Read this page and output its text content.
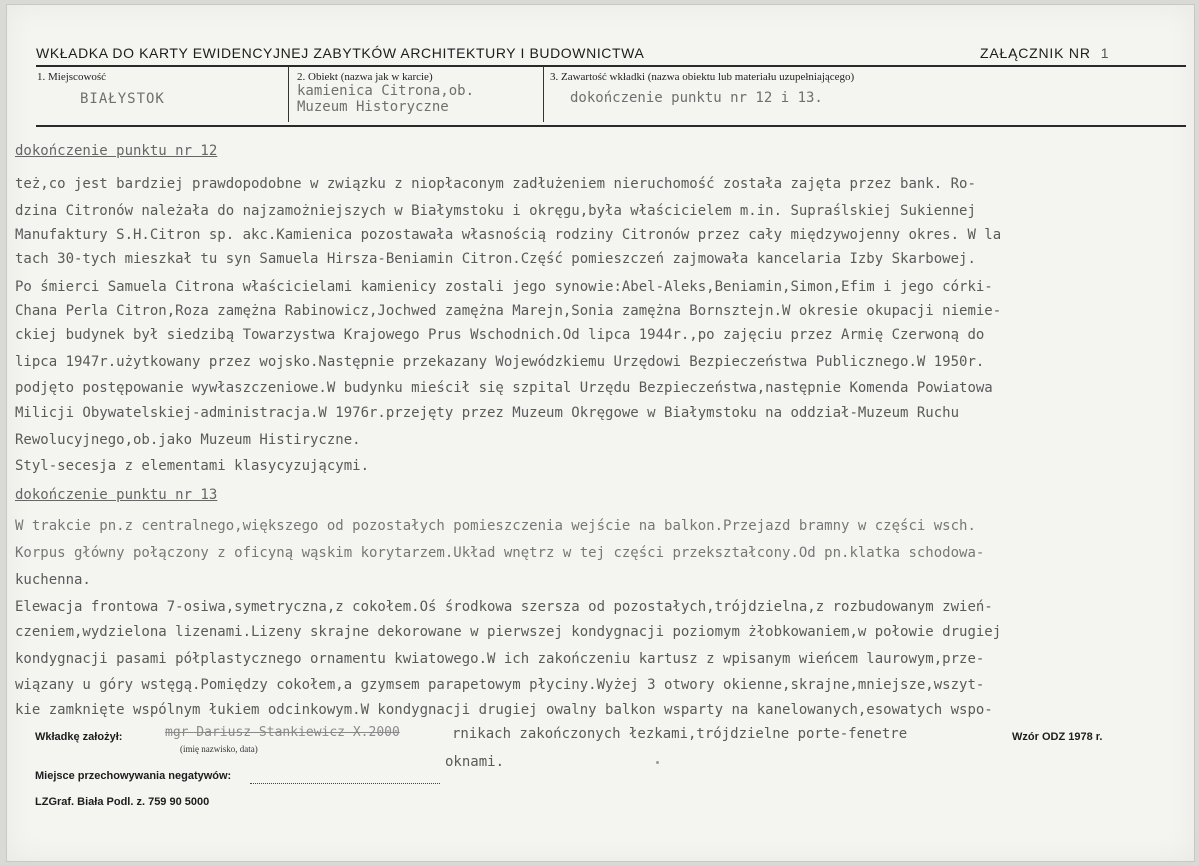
WKŁADKA DO KARTY EWIDENCYJNEJ ZABYTKÓW ARCHITEKTURY I BUDOWNICTWA	ZAŁĄCZNIK NR 1
1. Miejscowość
BIAŁYSTOK
2. Obiekt (nazwa jak w karcie)
kamienica Citrona,ob.
Muzeum Historyczne
3. Zawartość wkładki (nazwa obiektu lub materiału uzupełniającego)
dokończenie punktu nr 12 i 13.
dokończenie punktu nr 12
też,co jest bardziej prawdopodobne w związku z niopłaconym zadłużeniem nieruchomość została zajęta przez bank. Ro-
dzina Citronów należała do najzamożniejszych w Białymstoku i okręgu,była właścicielem m.in. Supraślskiej Sukiennej
Manufaktury S.H.Citron sp. akc.Kamienica pozostawała własnością rodziny Citronów przez cały międzywojenny okres. W la
tach 30-tych mieszkał tu syn Samuela Hirsza-Beniamin Citron.Część pomieszczeń zajmowała kancelaria Izby Skarbowej.
Po śmierci Samuela Citrona właścicielami kamienicy zostali jego synowie:Abel-Aleks,Beniamin,Simon,Efim i jego córki-
Chana Perla Citron,Roza zamężna Rabinowicz,Jochwed zamężna Marejn,Sonia zamężna Bornsztejn.W okresie okupacji niemie-
ckiej budynek był siedzibą Towarzystwa Krajowego Prus Wschodnich.Od lipca 1944r.,po zajęciu przez Armię Czerwoną do
lipca 1947r.użytkowany przez wojsko.Następnie przekazany Wojewódzkiemu Urzędowi Bezpieczeństwa Publicznego.W 1950r.
podjęto postępowanie wywłaszczeniowe.W budynku mieścił się szpital Urzędu Bezpieczeństwa,następnie Komenda Powiatowa
Milicji Obywatelskiej-administracja.W 1976r.przejęty przez Muzeum Okręgowe w Białymstoku na oddział-Muzeum Ruchu
Rewolucyjnego,ob.jako Muzeum Histiryczne.
Styl-secesja z elementami klasycyzującymi.
dokończenie punktu nr 13
W trakcie pn.z centralnego,większego od pozostałych pomieszczenia wejście na balkon.Przejazd bramny w części wsch.
Korpus główny połączony z oficyną wąskim korytarzem.Układ wnętrz w tej części przekształcony.Od pn.klatka schodowa-
kuchenna.
Elewacja frontowa 7-osiwa,symetryczna,z cokołem.Oś środkowa szersza od pozostałych,trójdzielna,z rozbudowanym zwień-
czeniem,wydzielona lizenami.Lizeny skrajne dekorowane w pierwszej kondygnacji poziomym żłobkowaniem,w połowie drugiej
kondygnacji pasami półplastycznego ornamentu kwiatowego.W ich zakończeniu kartusz z wpisanym wieńcem laurowym,prze-
wiązany u góry wstęgą.Pomiędzy cokołem,a gzymsem parapetowym płyciny.Wyżej 3 otwory okienne,skrajne,mniejsze,wszyt-
kie zamknięte wspólnym łukiem odcinkowym.W kondygnacji drugiej owalny balkon wsparty na kanelowanych,esowatych wspo-
Wkładkę założył:	mgr Dariusz Stankiewicz X.2000
(imię nazwisko, data)
rnikach zakończonych łezkami,trójdzielne porte-fenetre	Wzór ODZ 1978 r.
oknami.
Miejsce przechowywania negatywów:
LZGraf. Biała Podl. z. 759 90 5000
